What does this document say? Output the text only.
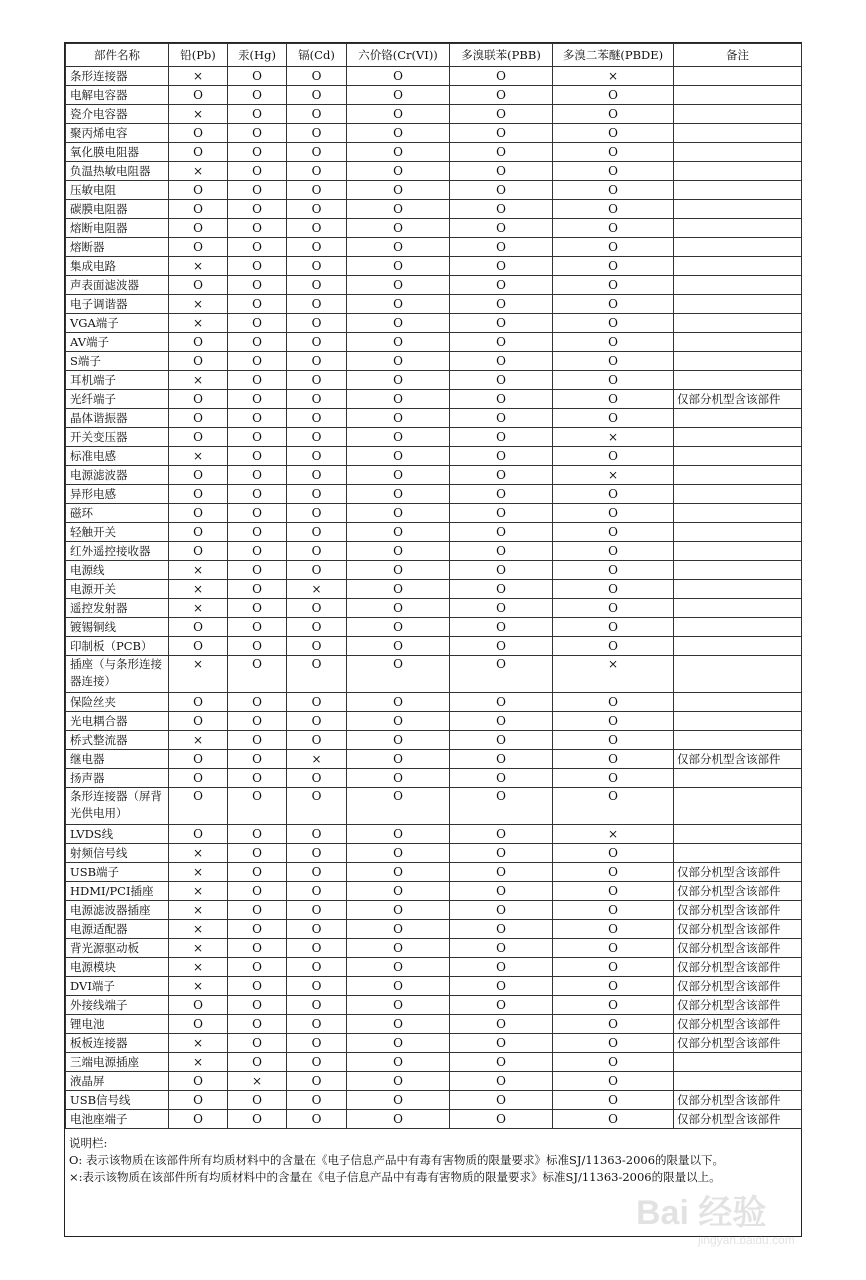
部件名称	铅(Pb)	汞(Hg)	镉(Cd)	六价铬(Cr(VI))	多溴联苯(PBB)	多溴二苯醚(PBDE)	备注
条形连接器	×	O	O	O	O	×	
电解电容器	O	O	O	O	O	O	
瓷介电容器	×	O	O	O	O	O	
聚丙烯电容	O	O	O	O	O	O	
氧化膜电阻器	O	O	O	O	O	O	
负温热敏电阻器	×	O	O	O	O	O	
压敏电阻	O	O	O	O	O	O	
碳膜电阻器	O	O	O	O	O	O	
熔断电阻器	O	O	O	O	O	O	
熔断器	O	O	O	O	O	O	
集成电路	×	O	O	O	O	O	
声表面滤波器	O	O	O	O	O	O	
电子调谐器	×	O	O	O	O	O	
VGA端子	×	O	O	O	O	O	
AV端子	O	O	O	O	O	O	
S端子	O	O	O	O	O	O	
耳机端子	×	O	O	O	O	O	
光纤端子	O	O	O	O	O	O	仅部分机型含该部件
晶体谐振器	O	O	O	O	O	O	
开关变压器	O	O	O	O	O	×	
标准电感	×	O	O	O	O	O	
电源滤波器	O	O	O	O	O	×	
异形电感	O	O	O	O	O	O	
磁环	O	O	O	O	O	O	
轻触开关	O	O	O	O	O	O	
红外遥控接收器	O	O	O	O	O	O	
电源线	×	O	O	O	O	O	
电源开关	×	O	×	O	O	O	
遥控发射器	×	O	O	O	O	O	
镀锡铜线	O	O	O	O	O	O	
印制板（PCB）	O	O	O	O	O	O	
插座（与条形连接器连接）	×	O	O	O	O	×	
保险丝夹	O	O	O	O	O	O	
光电耦合器	O	O	O	O	O	O	
桥式整流器	×	O	O	O	O	O	
继电器	O	O	×	O	O	O	仅部分机型含该部件
扬声器	O	O	O	O	O	O	
条形连接器（屏背光供电用）	O	O	O	O	O	O	
LVDS线	O	O	O	O	O	×	
射频信号线	×	O	O	O	O	O	
USB端子	×	O	O	O	O	O	仅部分机型含该部件
HDMI/PCI插座	×	O	O	O	O	O	仅部分机型含该部件
电源滤波器插座	×	O	O	O	O	O	仅部分机型含该部件
电源适配器	×	O	O	O	O	O	仅部分机型含该部件
背光源驱动板	×	O	O	O	O	O	仅部分机型含该部件
电源模块	×	O	O	O	O	O	仅部分机型含该部件
DVI端子	×	O	O	O	O	O	仅部分机型含该部件
外接线端子	O	O	O	O	O	O	仅部分机型含该部件
锂电池	O	O	O	O	O	O	仅部分机型含该部件
板板连接器	×	O	O	O	O	O	仅部分机型含该部件
三端电源插座	×	O	O	O	O	O	
液晶屏	O	×	O	O	O	O	
USB信号线	O	O	O	O	O	O	仅部分机型含该部件
电池座端子	O	O	O	O	O	O	仅部分机型含该部件
说明栏:
O: 表示该物质在该部件所有均质材料中的含量在《电子信息产品中有毒有害物质的限量要求》标准SJ/11363-2006的限量以下。
×:表示该物质在该部件所有均质材料中的含量在《电子信息产品中有毒有害物质的限量要求》标准SJ/11363-2006的限量以上。
Bai 经验
jingyan.baidu.com
